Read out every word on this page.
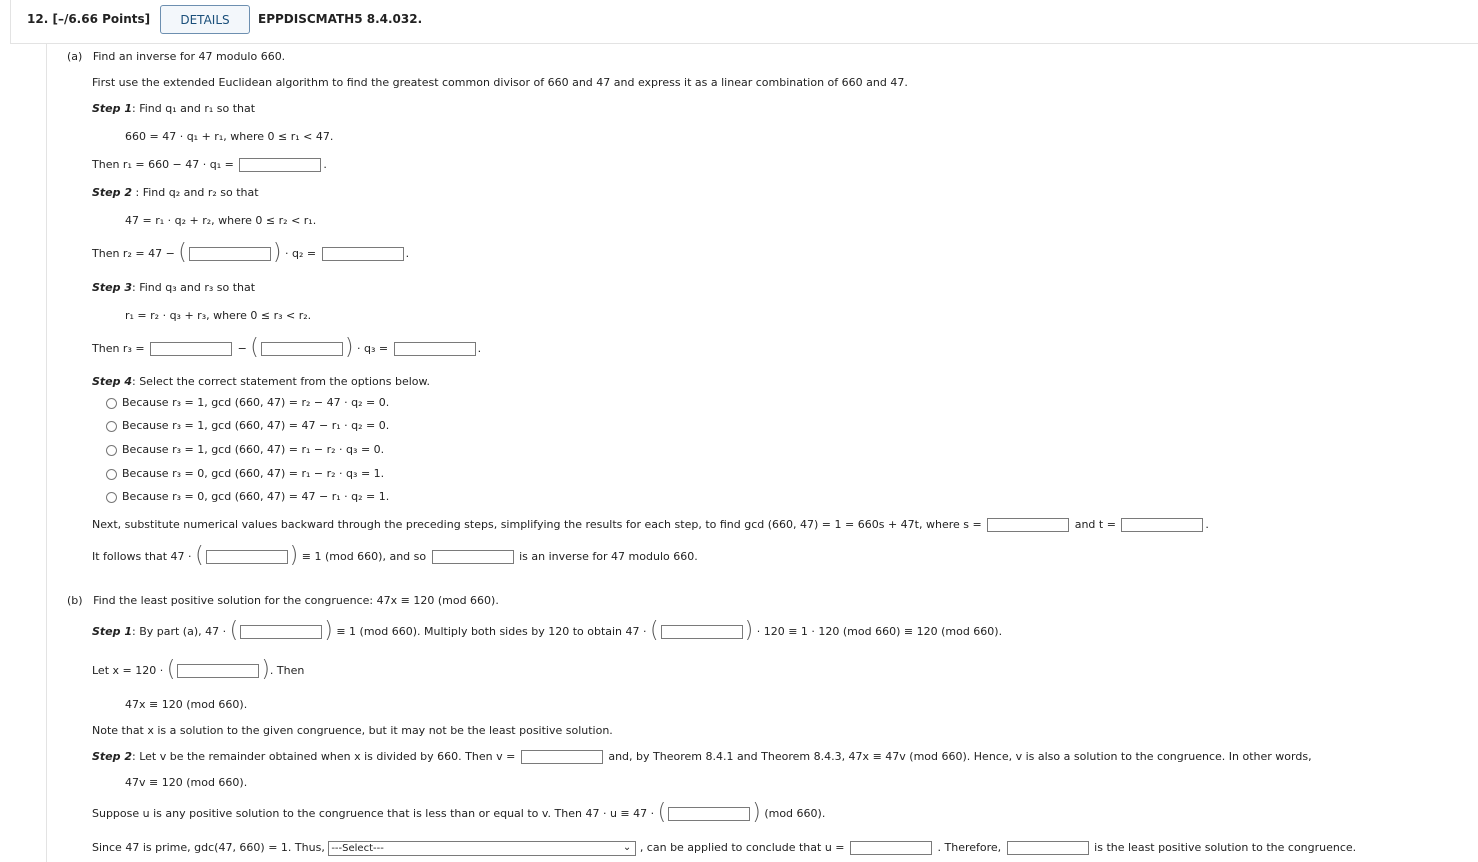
12. [–/6.66 Points]	DETAILS	EPPDISCMATH5 8.4.032.
(a) Find an inverse for 47 modulo 660.
First use the extended Euclidean algorithm to find the greatest common divisor of 660 and 47 and express it as a linear combination of 660 and 47.
Step 1: Find q₁ and r₁ so that
660 = 47 · q₁ + r₁, where 0 ≤ r₁ < 47.
Then r₁ = 660 − 47 · q₁ =	.
Step 2 : Find q₂ and r₂ so that
47 = r₁ · q₂ + r₂, where 0 ≤ r₂ < r₁.
Then r₂ = 47 − (	) · q₂ =	.
Step 3: Find q₃ and r₃ so that
r₁ = r₂ · q₃ + r₃, where 0 ≤ r₃ < r₂.
Then r₃ =	− (	) · q₃ =	.
Step 4: Select the correct statement from the options below.
Because r₃ = 1, gcd (660, 47) = r₂ − 47 · q₂ = 0.
Because r₃ = 1, gcd (660, 47) = 47 − r₁ · q₂ = 0.
Because r₃ = 1, gcd (660, 47) = r₁ − r₂ · q₃ = 0.
Because r₃ = 0, gcd (660, 47) = r₁ − r₂ · q₃ = 1.
Because r₃ = 0, gcd (660, 47) = 47 − r₁ · q₂ = 1.
Next, substitute numerical values backward through the preceding steps, simplifying the results for each step, to find gcd (660, 47) = 1 = 660s + 47t, where s =	and t =	.
It follows that 47 · (	) ≡ 1 (mod 660), and so	is an inverse for 47 modulo 660.
(b) Find the least positive solution for the congruence: 47x ≡ 120 (mod 660).
Step 1: By part (a), 47 · (	) ≡ 1 (mod 660). Multiply both sides by 120 to obtain 47 · (	) · 120 ≡ 1 · 120 (mod 660) ≡ 120 (mod 660).
Let x = 120 · (	). Then
47x ≡ 120 (mod 660).
Note that x is a solution to the given congruence, but it may not be the least positive solution.
Step 2: Let v be the remainder obtained when x is divided by 660. Then v =	and, by Theorem 8.4.1 and Theorem 8.4.3, 47x ≡ 47v (mod 660). Hence, v is also a solution to the congruence. In other words,
47v ≡ 120 (mod 660).
Suppose u is any positive solution to the congruence that is less than or equal to v. Then 47 · u ≡ 47 · (	) (mod 660).
Since 47 is prime, gdc(47, 660) = 1. Thus, ---Select---	⌄ , can be applied to conclude that u =	. Therefore,	is the least positive solution to the congruence.
